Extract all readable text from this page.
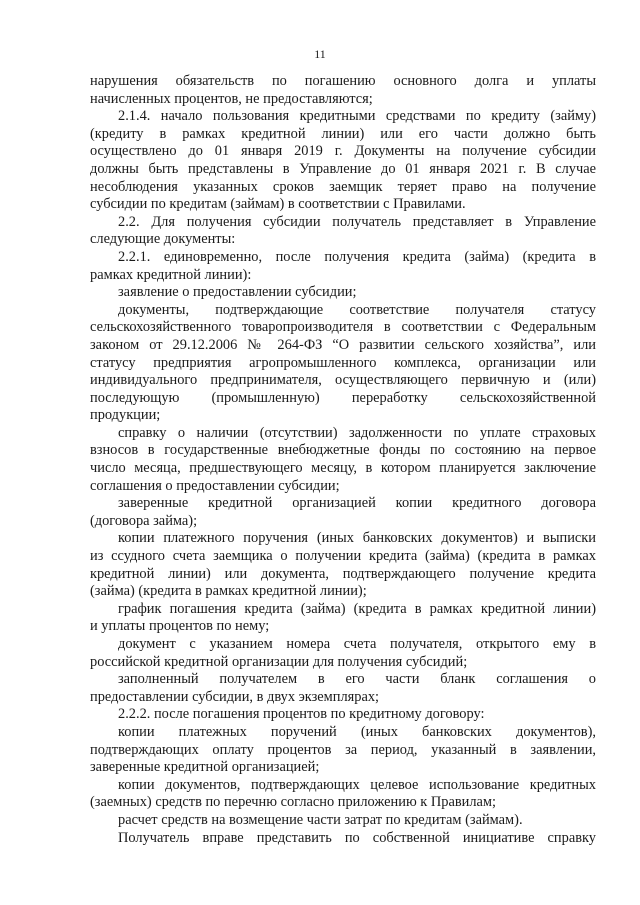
11
нарушения обязательств по погашению основного долга и уплаты
начисленных процентов, не предоставляются;
2.1.4. начало пользования кредитными средствами по кредиту (займу)
(кредиту в рамках кредитной линии) или его части должно быть
осуществлено до 01 января 2019 г. Документы на получение субсидии
должны быть представлены в Управление до 01 января 2021 г. В случае
несоблюдения указанных сроков заемщик теряет право на получение
субсидии по кредитам (займам) в соответствии с Правилами.
2.2. Для получения субсидии получатель представляет в Управление
следующие документы:
2.2.1. единовременно, после получения кредита (займа) (кредита в
рамках кредитной линии):
заявление о предоставлении субсидии;
документы, подтверждающие соответствие получателя статусу
сельскохозяйственного товаропроизводителя в соответствии с Федеральным
законом от 29.12.2006 № 264-ФЗ “О развитии сельского хозяйства”, или
статусу предприятия агропромышленного комплекса, организации или
индивидуального предпринимателя, осуществляющего первичную и (или)
последующую (промышленную) переработку сельскохозяйственной
продукции;
справку о наличии (отсутствии) задолженности по уплате страховых
взносов в государственные внебюджетные фонды по состоянию на первое
число месяца, предшествующего месяцу, в котором планируется заключение
соглашения о предоставлении субсидии;
заверенные кредитной организацией копии кредитного договора
(договора займа);
копии платежного поручения (иных банковских документов) и выписки
из ссудного счета заемщика о получении кредита (займа) (кредита в рамках
кредитной линии) или документа, подтверждающего получение кредита
(займа) (кредита в рамках кредитной линии);
график погашения кредита (займа) (кредита в рамках кредитной линии)
и уплаты процентов по нему;
документ с указанием номера счета получателя, открытого ему в
российской кредитной организации для получения субсидий;
заполненный получателем в его части бланк соглашения о
предоставлении субсидии, в двух экземплярах;
2.2.2. после погашения процентов по кредитному договору:
копии платежных поручений (иных банковских документов),
подтверждающих оплату процентов за период, указанный в заявлении,
заверенные кредитной организацией;
копии документов, подтверждающих целевое использование кредитных
(заемных) средств по перечню согласно приложению к Правилам;
расчет средств на возмещение части затрат по кредитам (займам).
Получатель вправе представить по собственной инициативе справку
